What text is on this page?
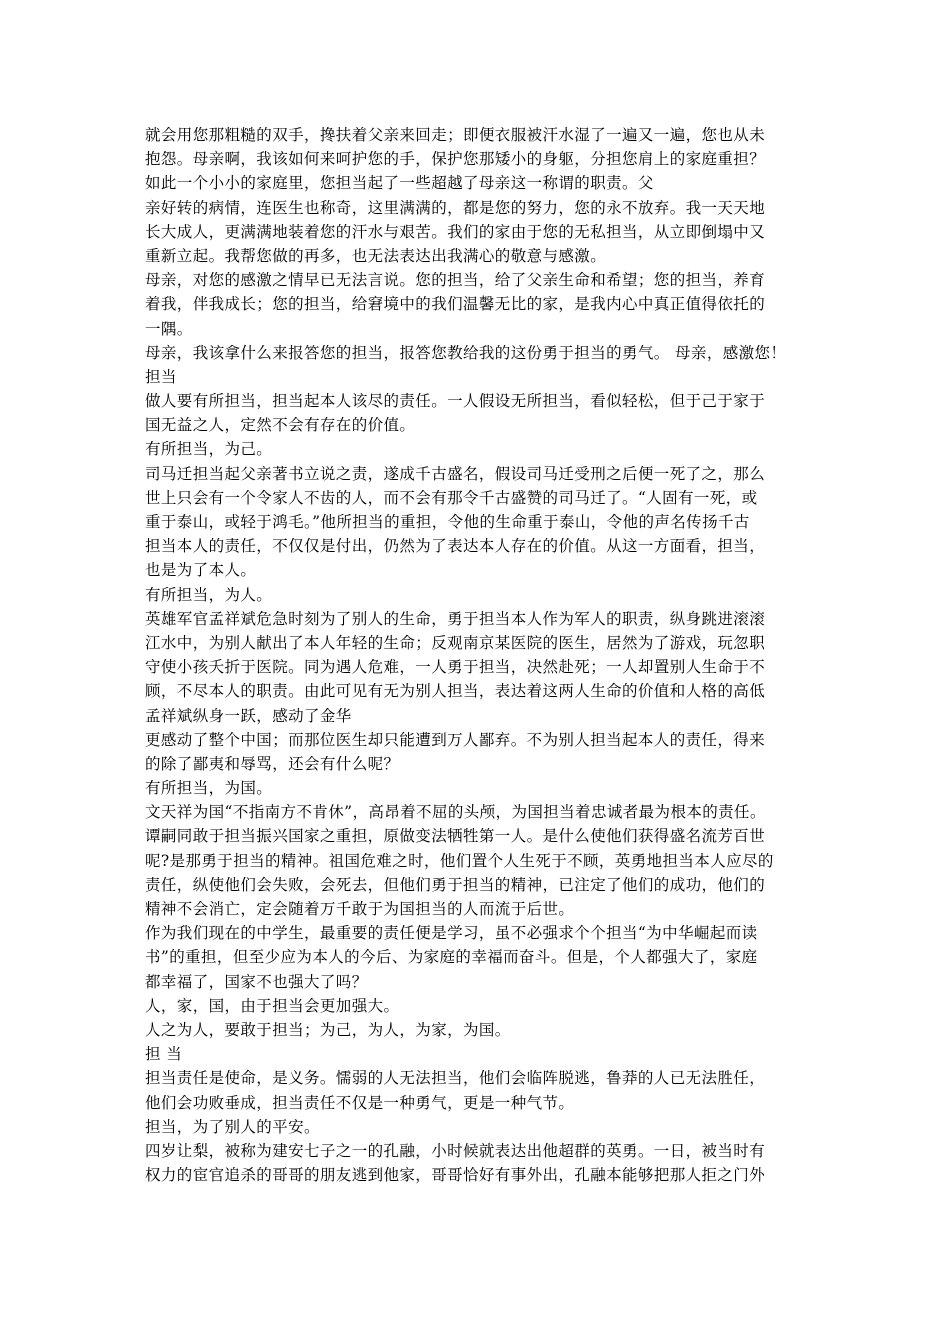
就会用您那粗糙的双手，搀扶着父亲来回走；即便衣服被汗水湿了一遍又一遍，您也从未
抱怨。母亲啊，我该如何来呵护您的手，保护您那矮小的身躯，分担您肩上的家庭重担？
如此一个小小的家庭里，您担当起了一些超越了母亲这一称谓的职责。父
亲好转的病情，连医生也称奇，这里满满的，都是您的努力，您的永不放弃。我一天天地
长大成人，更满满地装着您的汗水与艰苦。我们的家由于您的无私担当，从立即倒塌中又
重新立起。我帮您做的再多，也无法表达出我满心的敬意与感激。
母亲，对您的感激之情早已无法言说。您的担当，给了父亲生命和希望；您的担当，养育
着我，伴我成长；您的担当，给窘境中的我们温馨无比的家，是我内心中真正值得依托的
一隅。
母亲，我该拿什么来报答您的担当，报答您教给我的这份勇于担当的勇气。 母亲，感激您！
担当
做人要有所担当，担当起本人该尽的责任。一人假设无所担当，看似轻松，但于己于家于
国无益之人，定然不会有存在的价值。
有所担当，为己。
司马迁担当起父亲著书立说之责，遂成千古盛名，假设司马迁受刑之后便一死了之，那么
世上只会有一个令家人不齿的人，而不会有那令千古盛赞的司马迁了。“人固有一死，或
重于泰山，或轻于鸿毛。”他所担当的重担，令他的生命重于泰山，令他的声名传扬千古
担当本人的责任，不仅仅是付出，仍然为了表达本人存在的价值。从这一方面看，担当，
也是为了本人。
有所担当，为人。
英雄军官孟祥斌危急时刻为了别人的生命，勇于担当本人作为军人的职责，纵身跳进滚滚
江水中，为别人献出了本人年轻的生命；反观南京某医院的医生，居然为了游戏，玩忽职
守使小孩夭折于医院。同为遇人危难，一人勇于担当，决然赴死；一人却置别人生命于不
顾，不尽本人的职责。由此可见有无为别人担当，表达着这两人生命的价值和人格的高低
孟祥斌纵身一跃，感动了金华
更感动了整个中国；而那位医生却只能遭到万人鄙弃。不为别人担当起本人的责任，得来
的除了鄙夷和辱骂，还会有什么呢？
有所担当，为国。
文天祥为国“不指南方不肯休”，高昂着不屈的头颅，为国担当着忠诚者最为根本的责任。
谭嗣同敢于担当振兴国家之重担，原做变法牺牲第一人。是什么使他们获得盛名流芳百世
呢?是那勇于担当的精神。祖国危难之时，他们置个人生死于不顾，英勇地担当本人应尽的
责任，纵使他们会失败，会死去，但他们勇于担当的精神，已注定了他们的成功，他们的
精神不会消亡，定会随着万千敢于为国担当的人而流于后世。
作为我们现在的中学生，最重要的责任便是学习，虽不必强求个个担当“为中华崛起而读
书”的重担，但至少应为本人的今后、为家庭的幸福而奋斗。但是，个人都强大了，家庭
都幸福了，国家不也强大了吗？
人，家，国，由于担当会更加强大。
人之为人，要敢于担当；为己，为人，为家，为国。
担 当
担当责任是使命，是义务。懦弱的人无法担当，他们会临阵脱逃，鲁莽的人已无法胜任，
他们会功败垂成，担当责任不仅是一种勇气，更是一种气节。
担当，为了别人的平安。
四岁让梨，被称为建安七子之一的孔融，小时候就表达出他超群的英勇。一日，被当时有
权力的宦官追杀的哥哥的朋友逃到他家，哥哥恰好有事外出，孔融本能够把那人拒之门外
